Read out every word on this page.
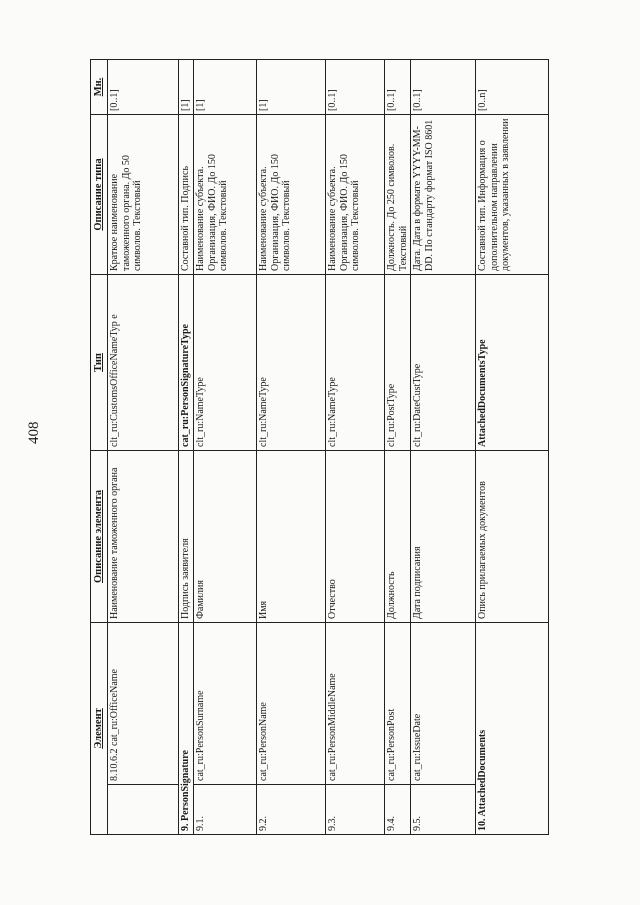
408
Элемент		Описание элемента	Тип	Описание типа	Мн.
	8.10.6.2 cat_ru:OfficeName	Наименование таможенного органа	clt_ru:CustomsOfficeNameTyp e	Краткое наименование таможенного органа. До 50 символов. Текстовый	[0..1]
9. PersonSignature		Подпись заявителя	cat_ru:PersonSignatureType	Составной тип. Подпись	[1]
9.1.	cat_ru:PersonSurname	Фамилия	clt_ru:NameType	Наименование субъекта. Организация, ФИО. До 150 символов. Текстовый	[1]
9.2.	cat_ru:PersonName	Имя	clt_ru:NameType	Наименование субъекта. Организация, ФИО. До 150 символов. Текстовый	[1]
9.3.	cat_ru:PersonMiddleName	Отчество	clt_ru:NameType	Наименование субъекта. Организация, ФИО. До 150 символов. Текстовый	[0..1]
9.4.	cat_ru:PersonPost	Должность	clt_ru:PostType	Должность. До 250 символов. Текстовый	[0..1]
9.5.	cat_ru:IssueDate	Дата подписания	clt_ru:DateCustType	Дата. Дата в формате YYYY-MM-DD. По стандарту формат ISO 8601	[0..1]
10. AttachedDocuments		Опись прилагаемых документов	AttachedDocumentsType	Составной тип. Информация о дополнительном направлении документов, указанных в заявлении	[0..n]
